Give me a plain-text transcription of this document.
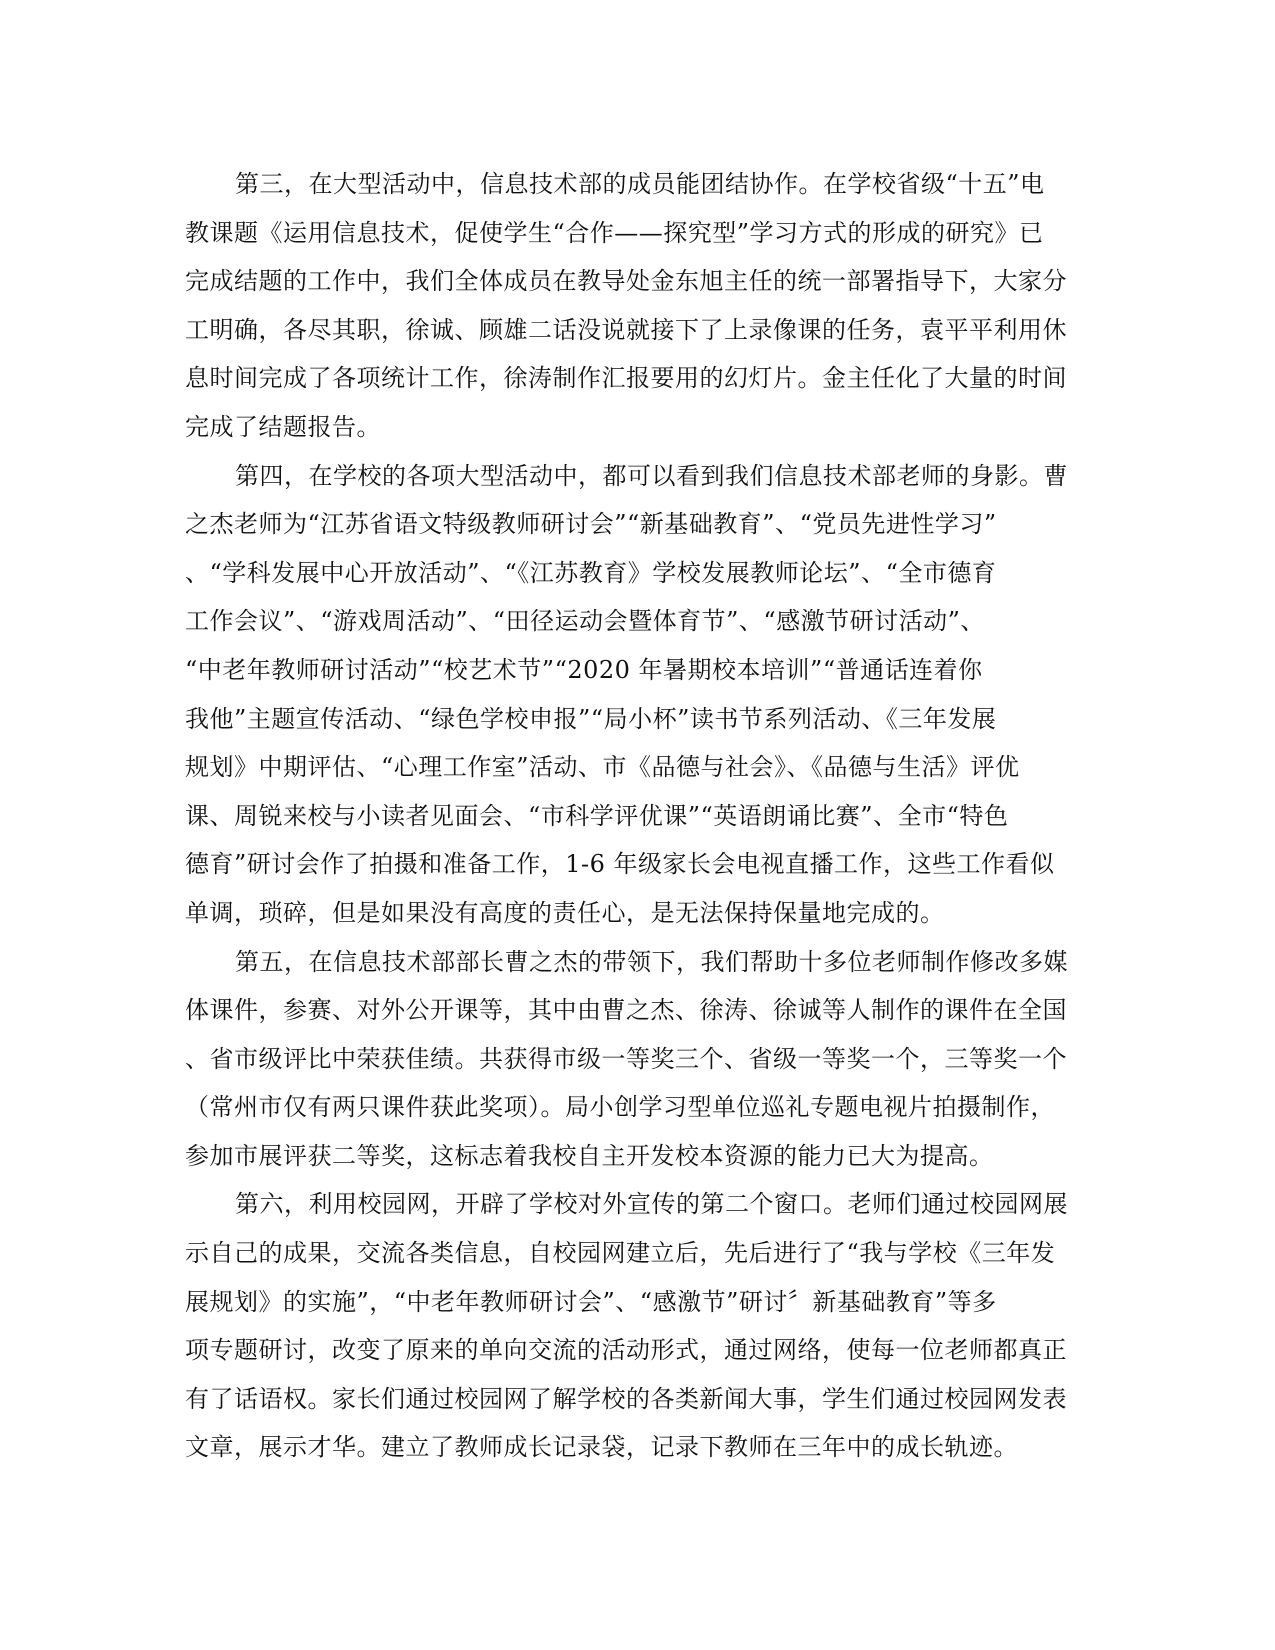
第三，在大型活动中，信息技术部的成员能团结协作。在学校省级“十五”电
教课题《运用信息技术，促使学生“合作——探究型”学习方式的形成的研究》已
完成结题的工作中，我们全体成员在教导处金东旭主任的统一部署指导下，大家分
工明确，各尽其职，徐诚、顾雄二话没说就接下了上录像课的任务，袁平平利用休
息时间完成了各项统计工作，徐涛制作汇报要用的幻灯片。金主任化了大量的时间
完成了结题报告。

第四，在学校的各项大型活动中，都可以看到我们信息技术部老师的身影。曹
之杰老师为“江苏省语文特级教师研讨会”“新基础教育”、“党员先进性学习”
、“学科发展中心开放活动”、“《江苏教育》学校发展教师论坛”、“全市德育
工作会议”、“游戏周活动”、“田径运动会暨体育节”、“感激节研讨活动”、
“中老年教师研讨活动”“校艺术节”“2020 年暑期校本培训”“普通话连着你
我他”主题宣传活动、“绿色学校申报”“局小杯”读书节系列活动、《三年发展
规划》中期评估、“心理工作室”活动、市《品德与社会》、《品德与生活》评优
课、周锐来校与小读者见面会、“市科学评优课”“英语朗诵比赛”、全市“特色
德育”研讨会作了拍摄和准备工作，1-6 年级家长会电视直播工作，这些工作看似
单调，琐碎，但是如果没有高度的责任心，是无法保持保量地完成的。

第五，在信息技术部部长曹之杰的带领下，我们帮助十多位老师制作修改多媒
体课件，参赛、对外公开课等，其中由曹之杰、徐涛、徐诚等人制作的课件在全国
、省市级评比中荣获佳绩。共获得市级一等奖三个、省级一等奖一个，三等奖一个
（常州市仅有两只课件获此奖项）。局小创学习型单位巡礼专题电视片拍摄制作，
参加市展评获二等奖，这标志着我校自主开发校本资源的能力已大为提高。

第六，利用校园网，开辟了学校对外宣传的第二个窗口。老师们通过校园网展
示自己的成果，交流各类信息，自校园网建立后，先后进行了“我与学校《三年发
展规划》的实施”，“中老年教师研讨会”、“感激节”研讨〞新基础教育”等多
项专题研讨，改变了原来的单向交流的活动形式，通过网络，使每一位老师都真正
有了话语权。家长们通过校园网了解学校的各类新闻大事，学生们通过校园网发表
文章，展示才华。建立了教师成长记录袋，记录下教师在三年中的成长轨迹。
